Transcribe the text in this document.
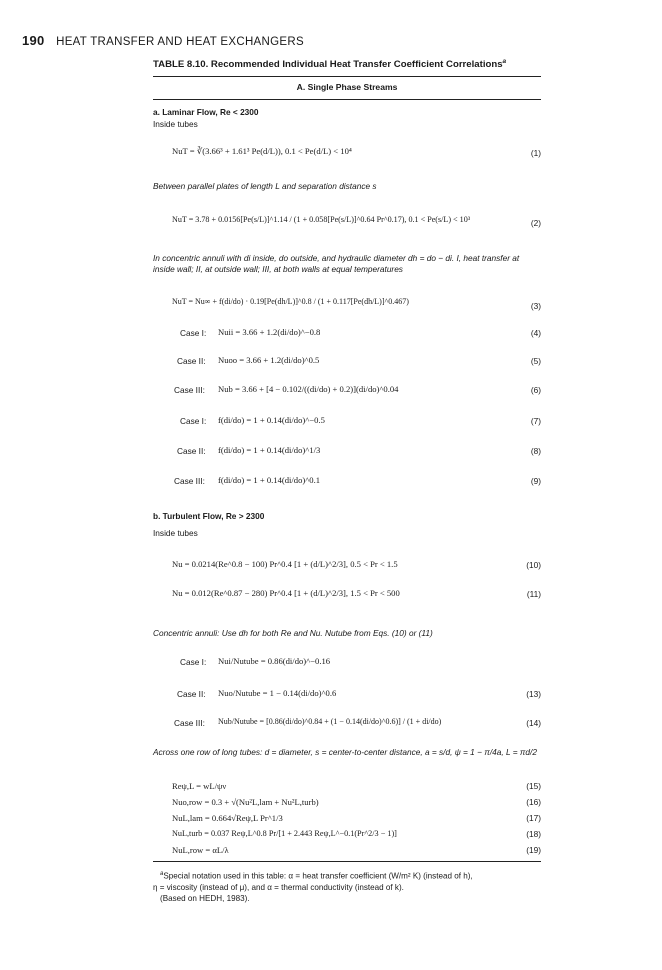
190 HEAT TRANSFER AND HEAT EXCHANGERS
TABLE 8.10. Recommended Individual Heat Transfer Coefficient Correlations$^a$
A. Single Phase Streams
a. Laminar Flow, Re < 2300
Inside tubes
NuT = ∛(3.66³ + 1.61³ Pe(d/L)), 0.1 < Pe(d/L) < 10⁴	(1)
Between parallel plates of length L and separation distance s
NuT = 3.78 + 0.0156[Pe(s/L)]^1.14 / (1 + 0.058[Pe(s/L)]^0.64 Pr^0.17), 0.1 < Pe(s/L) < 10³	(2)
In concentric annuli with di inside, do outside, and hydraulic diameter dh = do − di. I, heat transfer at inside wall; II, at outside wall; III, at both walls at equal temperatures
NuT = Nu∞ + f(di/do) · 0.19[Pe(dh/L)]^0.8 / (1 + 0.117[Pe(dh/L)]^0.467)	(3)
Case I: Nuii = 3.66 + 1.2(di/do)^−0.8	(4)
Case II: Nuoo = 3.66 + 1.2(di/do)^0.5	(5)
Case III: Nub = 3.66 + [4 − 0.102/((di/do) + 0.2)](di/do)^0.04	(6)
Case I: f(di/do) = 1 + 0.14(di/do)^−0.5	(7)
Case II: f(di/do) = 1 + 0.14(di/do)^1/3	(8)
Case III: f(di/do) = 1 + 0.14(di/do)^0.1	(9)
b. Turbulent Flow, Re > 2300
Inside tubes
Nu = 0.0214(Re^0.8 − 100) Pr^0.4 [1 + (d/L)^2/3], 0.5 < Pr < 1.5	(10)
Nu = 0.012(Re^0.87 − 280) Pr^0.4 [1 + (d/L)^2/3], 1.5 < Pr < 500	(11)
Concentric annuli: Use dh for both Re and Nu. Nutube from Eqs. (10) or (11)
Case I: Nui/Nutube = 0.86(di/do)^−0.16
Case II: Nuo/Nutube = 1 − 0.14(di/do)^0.6	(13)
Case III: Nub/Nutube = [0.86(di/do)^0.84 + (1 − 0.14(di/do)^0.6)] / (1 + di/do)	(14)
Across one row of long tubes: d = diameter, s = center-to-center distance, a = s/d, ψ = 1 − π/4a, L = πd/2
Reψ,L = wL/ψν	(15)
Nuo,row = 0.3 + √(Nu²L,lam + Nu²L,turb)	(16)
NuL,lam = 0.664√Reψ,L Pr^1/3	(17)
NuL,turb = 0.037 Reψ,L^0.8 Pr/[1 + 2.443 Reψ,L^−0.1(Pr^2/3 − 1)]	(18)
NuL,row = αL/λ	(19)
$^a$Special notation used in this table: α = heat transfer coefficient (W/m² K) (instead of h),
η = viscosity (instead of μ), and α = thermal conductivity (instead of k).
(Based on HEDH, 1983).
